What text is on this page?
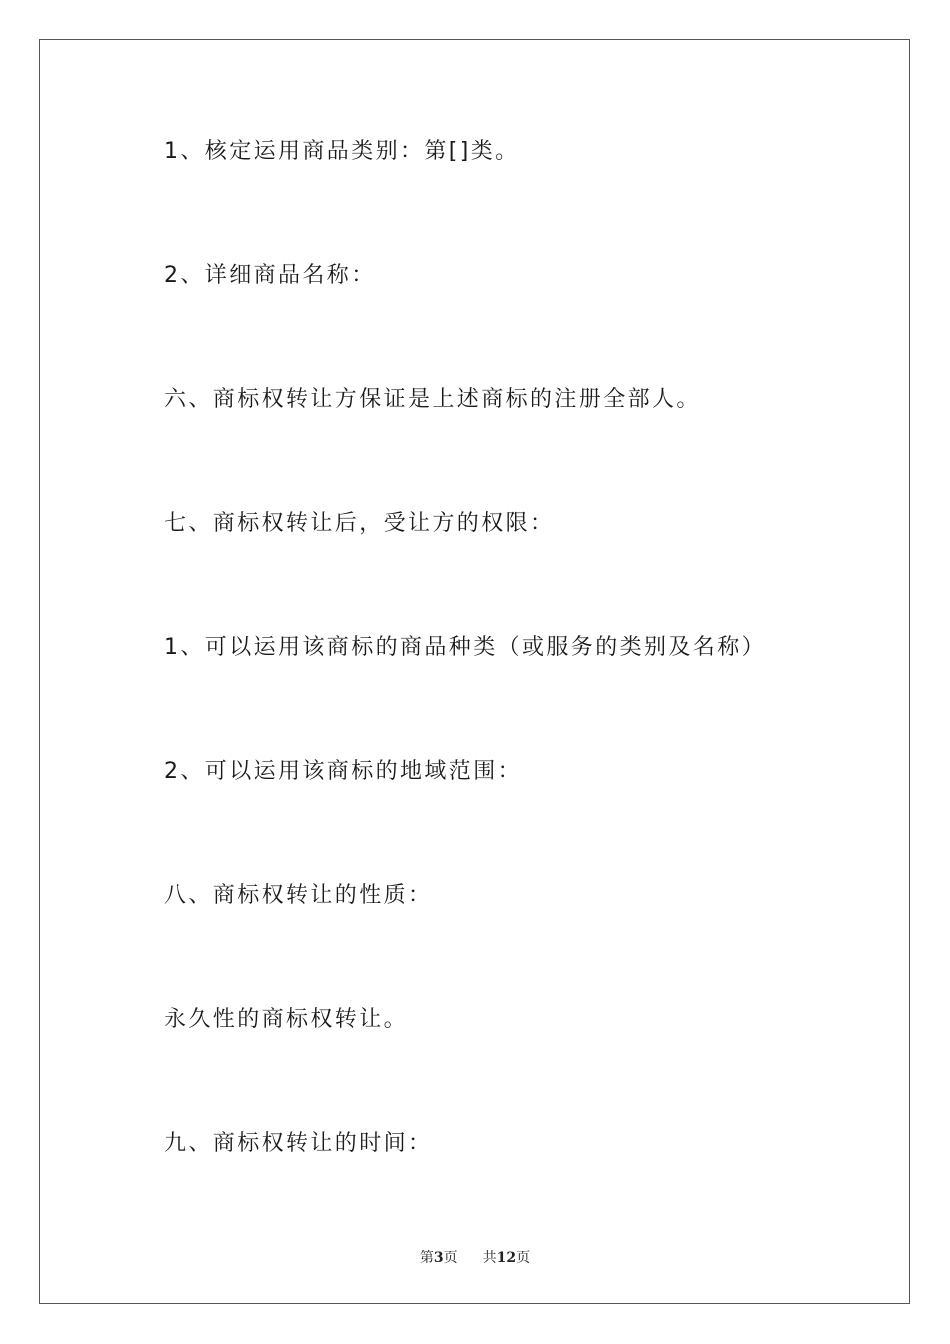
1、核定运用商品类别：第[]类。
2、详细商品名称：
六、商标权转让方保证是上述商标的注册全部人。
七、商标权转让后，受让方的权限：
1、可以运用该商标的商品种类（或服务的类别及名称）
2、可以运用该商标的地域范围：
八、商标权转让的性质：
永久性的商标权转让。
九、商标权转让的时间：
第3页 共12页
